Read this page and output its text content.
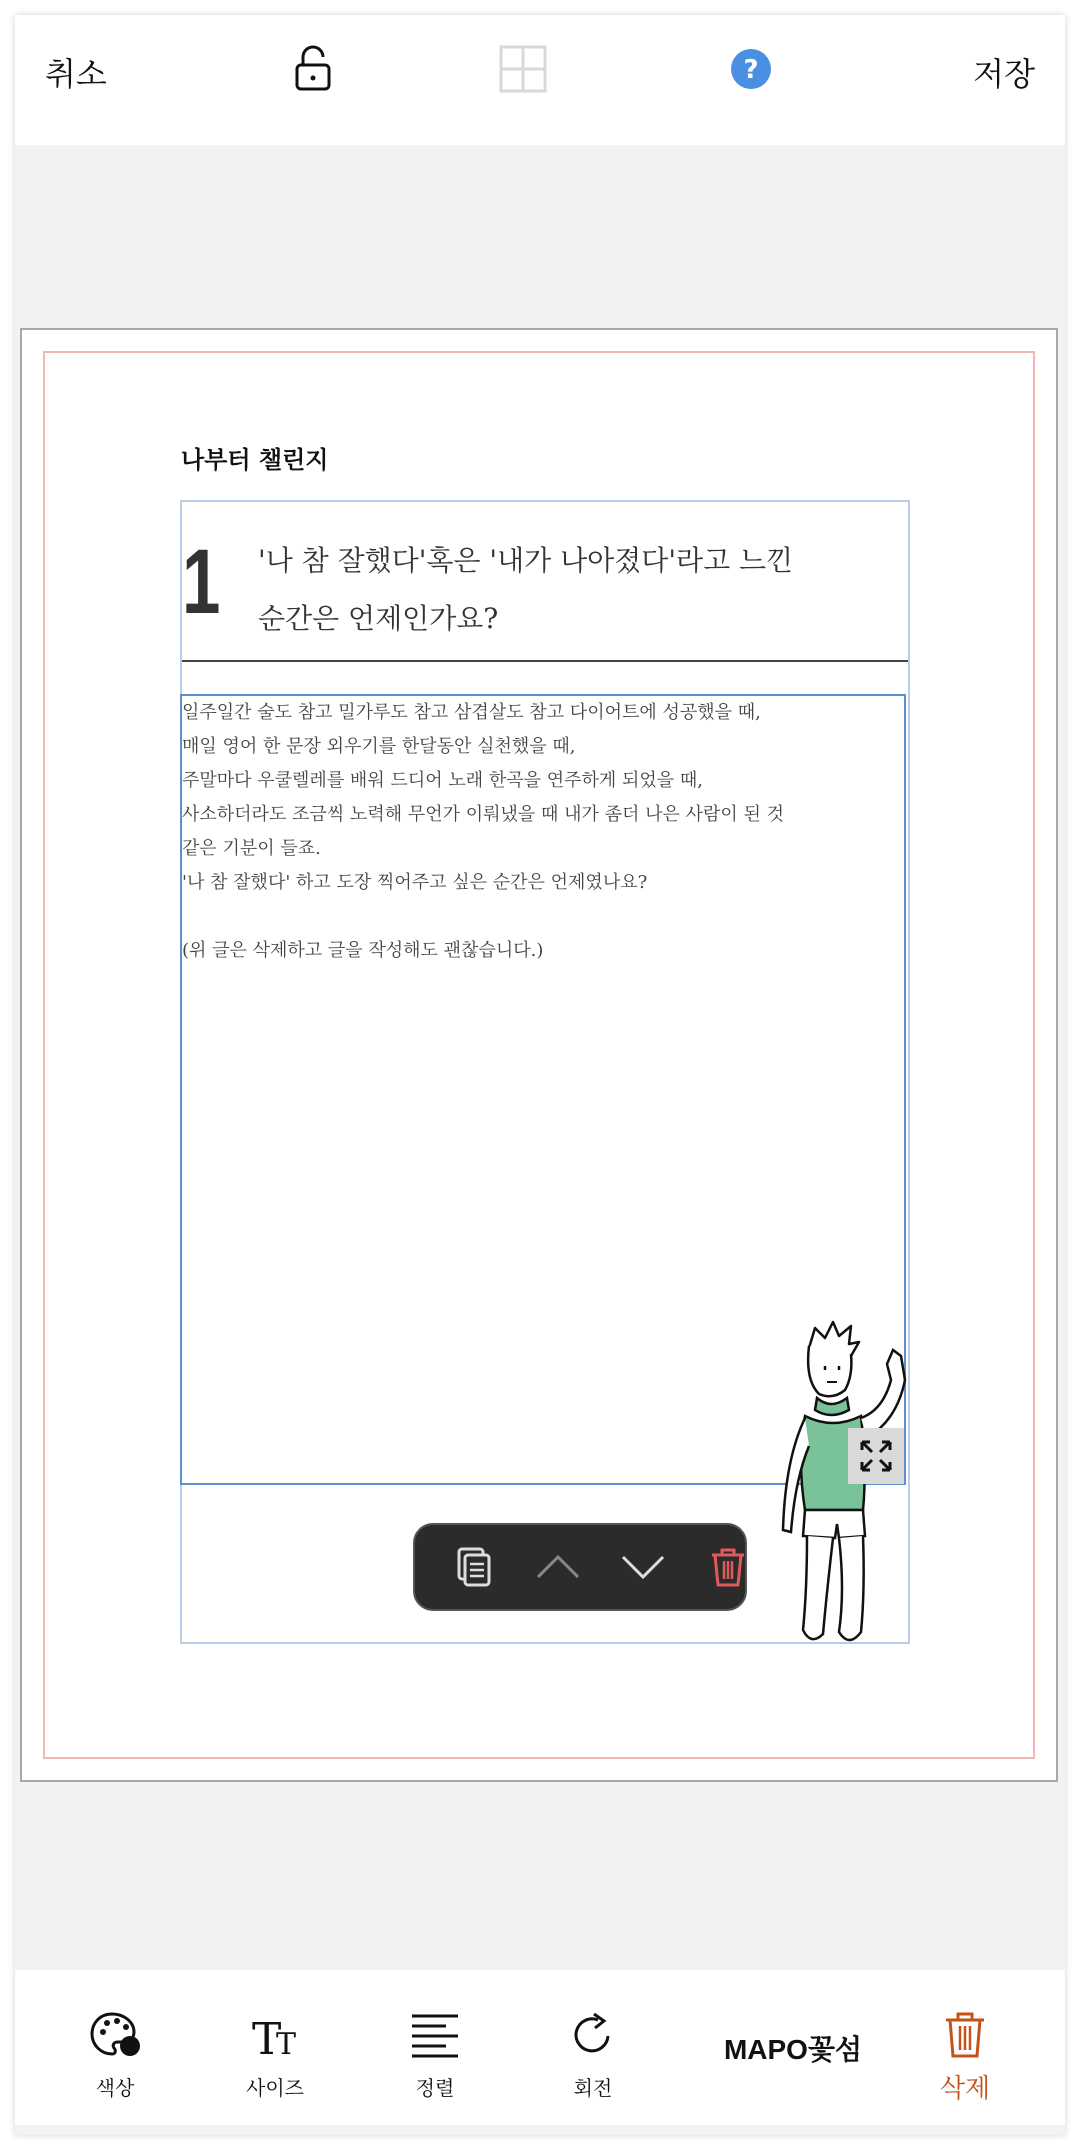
취소	?	저장
나부터 챌린지
1 '나 참 잘했다'혹은 '내가 나아졌다'라고 느낀
순간은 언제인가요?
일주일간 술도 참고 밀가루도 참고 삼겹살도 참고 다이어트에 성공했을 때,
매일 영어 한 문장 외우기를 한달동안 실천했을 때,
주말마다 우쿨렐레를 배워 드디어 노래 한곡을 연주하게 되었을 때,
사소하더라도 조금씩 노력해 무언가 이뤄냈을 때 내가 좀더 나은 사람이 된 것
같은 기분이 들죠.
'나 참 잘했다' 하고 도장 찍어주고 싶은 순간은 언제였나요?

(위 글은 삭제하고 글을 작성해도 괜찮습니다.)
색상
T
T
사이즈	정렬	회전
MAPO꽃섬
삭제
